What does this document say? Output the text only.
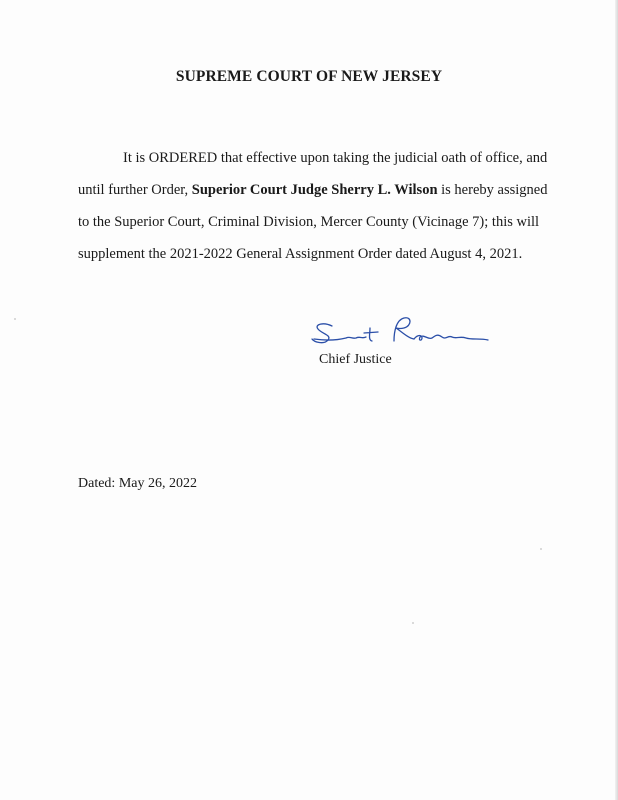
SUPREME COURT OF NEW JERSEY

It is ORDERED that effective upon taking the judicial oath of office, and until further Order, Superior Court Judge Sherry L. Wilson is hereby assigned to the Superior Court, Criminal Division, Mercer County (Vicinage 7); this will supplement the 2021-2022 General Assignment Order dated August 4, 2021.

Chief Justice
Dated: May 26, 2022
